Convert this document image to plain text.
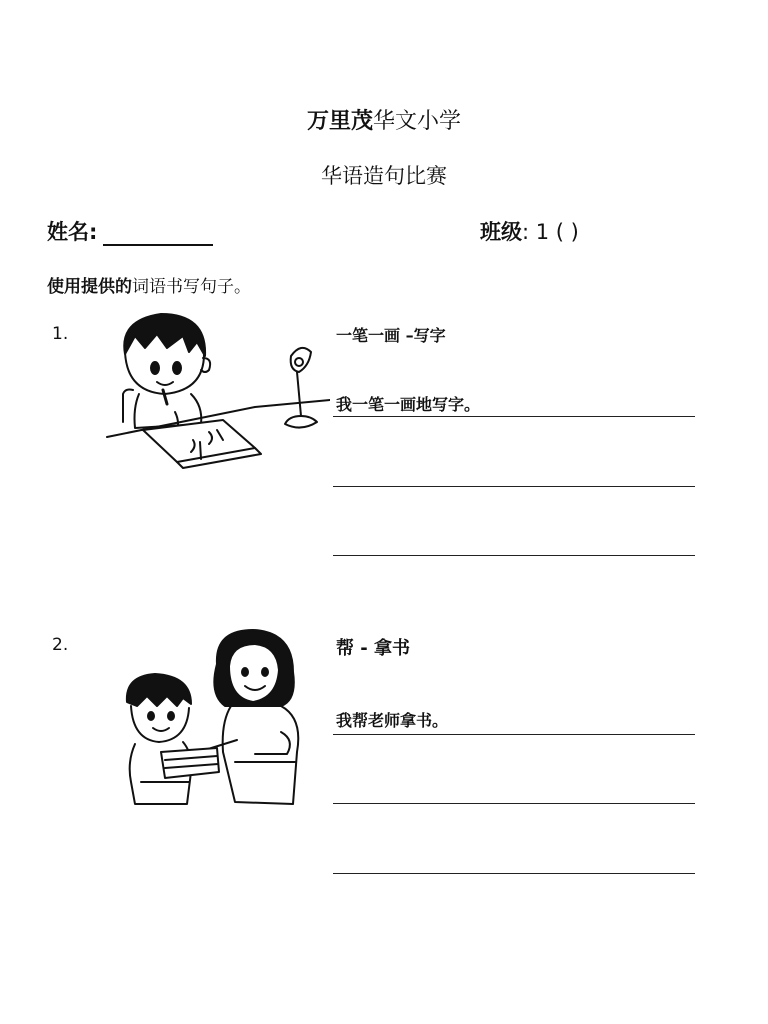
万里茂华文小学
华语造句比赛
姓名:	班级: 1 ( )
使用提供的词语书写句子。
1.	一笔一画 –写字
我一笔一画地写字。
2.	帮 - 拿书
我帮老师拿书。
